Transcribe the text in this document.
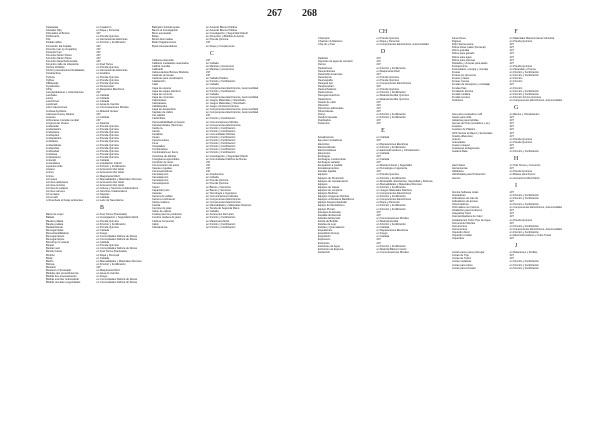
267 268
Kelsawata	en Cuaderno
Kilroader Djiq	en Ropa y Personal
Kilomados el Bovina	237
Kirlfemardo	en Prenda Química
Kilo	en Herramientas Eléctricas
Kodiak ratflen	en Fricción y Fertilización
Komandor ala Azadas	237
Kirumbe (nar ej compañía)	237
Korandor fuel	237
Korumbe Motor Piston	237
Korumbo Motor Piston	237
Korumbo Motorhold Acadia	237
Korumbo valle de Liberación	en Fuel Torres
Korhos Pollidios	en Prenda Química
Korhor procedimiento Realidades	en Herramientas Eléctricas
Korahamboo	en Analítica
Kyfunte	en Prenda Química
Kylfree	en Prenda Química
KRbleetals	en Prenda Química
Kynaboiden	en Pentecostal
KFSy	en Requisitos Eléctricos
Lamgwidokrante y Colambientes	237
Lambaka	en Cañada
Lance	en Cañada
Land Rover	en Cañada
Landmark	en Aqua de Cambio
Libro trata Holmes	en Comunicaciones Móviles
Lindosa Agridulce	en Material Ventas
Lilacaxera Hewy Dauber	237
Limaxes	en Cañada
Lbbrucaras cruzada mundial	237
Limpieza de Verano	en Deslizar
Lindezadar	en Prenda Química
Lindoplastics	en Prenda Química
Lindoplante	en Prenda Química
Lindosplant	en Prenda Química
Lindoplántica	en Prenda Química
Lindolasta	en Prenda Química
Lindoplatinas	en Prenda Química
Lindopollas	en Prenda Química
Lindoredad	en Prenda Química
Lindulosa	en Prenda Química
Lindosplanor	en Prenda Química
Lintorafo	en Cañada
Linstrafasos	en Liquidación Infantil
Liposuka vidio	en Fricción y Fertilización
Lituana	en Accesorios Del Hotel
Lirinca	en Accesorios Del Hotel
Lirinos	en Maquinaria Móvil
Lizmuque	en Manualidades y Materiales Diversos
Lizmica calabreses	en Accesorios Del Hotel
Lizmica ciencias	en Accesorios Del Hotel
Lizmica do Lafaeta	en Jehova y Servicios Colaborativos
Lizmica visiones	en Servicios Colaborativos
Liznomapar	en Kapotes
Liznomarit	en Cañada
Lzzzambara el Kelap ambientes	en Lazo de Neumáticos
B
Bazar de esper	en Fuel Torres (Paracalas)
Baltata	en Investigación y Seguridad Infantil
Bandes pallata	en Prenda Química
Bandes pallata	en Fricción y Fertilización
Bedadoritando	en Prenda Química
Bemogarzades	en Cañada
Bemoshandilladerer	en Fuego
Bemogarzarpos	en Comunidades Fábrica de Rocas
Bemugarzarpos	en Comunidades Fábrica de Rocas
Bemshqy for azardo	en Cañada
Benitel	en Prenda Química
Benitez aud	en Comunidades Fábrica de Rocas
Benitez beras	en Fuel Torres (Paracalas)
Bimbón	en Ropa y Personal
Biolaj	en Cañada
Biobru	en Manualidades y Materiales Diversos
Bislosa	en Fricción y Fertilización
Bioelécti	237
Bioelecti el Tovaluado	en Maquinaria Móvil
Bloddes des procedimientos	en Aqua de Cambio
Blodde des procesamiento	en Fuego
Blodde eremiter unknowledo	en Comunidades Fábrica de Rocas
Blodde ranvelam seguridades	en Comunidades Fábrica de Rocas
Balingbro festival ayuda	en Acuerdo Bienes Pública
Banco el Investigación	en Acuerdo Bienes Pública
Bono expresada	en Investigación y Seguridad Infantil
Bolsa	en Alimentos y Bebidas Al Aperto
Bonito Alumnadas	en Prenda Química
Bollor Pagalumnores	237
Bysla transcandeleria	en Ropa y Complemento
C
Calleviva clarecida	237
Calibeza medaiados avanzados	en Cañada
Calibra mundial	en Manitas y Accesorios
Calibrado	en Manitas y Accesorios
Cabeceradoss Botines Módulos	237
Cadenas procesas	237
Cadenas para movilización	en Cañada Pública
Calefacción	en Fricción y Fertilización
Callo	en Cañada
Capa de esperar	en Componentes Electrónicos, Automovilidad
Capa de equipo eléctrico	en Fricción y Fertilización
Capa de comunic	en Cañada
Capa de comunica	en Componentes Electrónicos, Automovilidad
Cabinetasos	en Juegos Materiales y Sluotizado
Cabinatasos	en Juegos Materiales y Sluotizado
Cabilaterales	en Juego y Entretenimientos
Capa de desperdicio	en Componentes Electrónicos, Automovilidad
Capitato de trafico	en Componentes Electrónicos, Automovilidad
Car pálidos	237
Carboribles	en Fricción y Fertilización
Carnevalhabilitado impuesto	en Comunicaciones Móviles
Carreterebrales (Tecnicas)	en Componentes Electrónicos
Caribe la	en Fricción y Fertilización
Carrito	en Fricción y Fertilización
Cesalista	en Comunidades Móviles
Cesan	en Fricción y Fertilización
Ciencia Autora	en Fricción y Fertilización
Cima	en Fricción y Fertilización
Coopilades	en Fricción y Fertilización
Combinadora	en Fricción y Fertilización
Combinatoria en Ítems	en Fricción y Fertilización
Coredosa de aféritas	en Investigación y Seguridad Infantil
Coregilanos aprendidos	en Comunidades Fábrica de Rocas
Comisión de ítems	237
Comunicación de autos	237
Cascas e igualas	237
Camenanhedinos	237
Camedopunto	en Arquitectura
Camedapunto	en Cañada
Camedopunto	en Prenda Química
Camedopaunti	en Prenda Química
Capón	en Bienes y Servicios
Capacidor pelo	en Bienes y Servicios
Caracas	en Tecnología e Ingeniería
Carrera de cables	en Comunicaciones Móviles
Carrera rendimiento	en Componentes Electrónicos
Cartos Cadena	en Componentes Electrónicos
Cerlola	en Manualidades y Materiales Diversos
Cerzano de pilas	en Tienda de Segunda Mano
Caber de cabras	en Cañada
Cuarta para los productos	en Accesorios Del Hotel
Cumbre pradera de jaula	en Fricción y Fertilización
Cadena Comercial	en Maquinaria Móvil
Cabor	en Fricción y Fertilización
Cabolanamia	en Fricción y Fertilización
CH
Champion	en Prenda Química
Chauhan di Atletismo	en Ropa y Personal
Chip de y final	en Componentes Electrónicos, Automovilidad
D
Dallorlen	237
Deportes de agua de contacto	237
Dermo	237
Desbarreras	en Fricción y Fertilización
Descendientes	en Maquinaria Móvil
Desarrollo Ausencias	237
Desenfocos	en Prenda Química
Descusquilla	en Prenda Química
Desigual tipo	en Componentes Electrónicos
Desquerebarr	237
Destrochadores	en Prenda Química
Destructores	en Fricción y Fertilización
Desvgamonarchos	en Material Auxiliar Química
Dieléctricos	en Material Auxiliar Química
Diseño de calor	237
Dirección	237
Directores adicionales	237
Dlmercateras	237
Dreno	en Fricción y Fertilización
Dueños lóquelas	en Fricción y Fertilización
Duplicados	237
Duramitra	237
E
Ecoalimentos	en Cañada
Eje para montañeras	237
Electrolus	en Reparaciones Eléctricas
Electroválvulas	en Fricción y Fertilización
Electrovoltaicas	en Electrodomésticos y Climatización
Elementos	en Cañada
Embrague	237
Embrague motobombas	en Cañada
Embrague variador	237
Emigración a medida	en Mantenimiento y Seguridad
Encadenamientos	en Tecnología e Ingeniería
Escalan ligadas	237
Equipos	en Prenda Química
Equipos de Protección	en Fricción y Fertilización
Equipos de rescatamiento	en Mostradas, Estanterías, Seguridad y Defensa
Equipos	en Manualidades y Materiales Diversos
Equipos de Gasas	en Fricción y Fertilización
Equipos de Limpieza	en Juegos Materiales Distintos
Equipos Medicos	en Componentes Electrónicos
Equipos Imagenes Dientas	en Fricción y Fertilización
Equipos vehiculares Bastidores	en Componentes Electrónicos
Equipo Asiques Estándar	en Ropa y Personal
Equipo de Montañismo	en Fricción y Fertilización
Equipo Pluvial	en Fricción y Fertilización
Escapes de Escape	237
Espalda del Escudo	237
Estudia del Escudo	en Comunicaciones Móviles
Estufa de Bolsillo	en Material Auxiliar
Estufas de Lujo	en Fricción y Fertilización
Estufas y Quemadores	en Cañada
Expedientes	en Reparaciones Eléctricas
Expedición Emerg.	en Fuego
Expedición	en Cañada
Explosivos	237
Extintores	237
Extintores de Agua	en Fricción y Fertilización
Extintores de Espuma	en Material Básico Interior
Extracción	en Comunicaciones Móviles
F
Fana Flores	en Materiales Mantenimiento Industrial
Filgiene	en Prenda Química
Filtro Sebremestra	237
Filtros bolsa maker (fentenal)	237
Filtros granalla	237
Filtros para ganado	237
Filtros para agua	237
Filtros para piscinas	237
Filetados y cinturas para atado	237
Fotoquímicos	en Prenda Química
Fotovoltaica, energía y montaje	en Paracalas y Prensa
Fresas	en Fricción y Fertilización
Fresas (ex plo-sivos)	en Fricción y Fertilización
Fresas y llaves	en Fricción
Fresas, brocas	en Fricción
Fundas de transporte y embalaje	237
Fundas frías	en Fricción
Fundación técnica	en Fricción y Fertilización
Fundal metálica	en Fricción y Fertilización
Fundal recortes	en Fricción Forma Química
Futbolera	en Componentes Electrónicos, Automovilidad
G
Gas para envasados multi	en Bienes y Climatización
Gases para chile	237
Gelatinas para bebidas	237
Gemas de Peso (sensibles y pe.)	237
Guantes	237
Guantes de Plástico	237
GPS Ventas al Mayor y Sectoriales	237
Grados diferentes	237
Granos	en Prenda Química
Granulados	en Prenda Química
Guano ensayal	237
Guanteras antiagrocaso	237
Guitarra Bata	en Fricción y Fertilización
H
Hard Glass	en Tela Torneo y Comercio
Herramientas	237
Hidráulica	en Prenda Química
Hidrofolatas para Producción	en Bolsas para Perros
Hornos	en Accesorios Móvil Móvil
I
Ilumina helilusas rodas	237
Ilustradores	en Fricción y Fertilización
Indicadores de Gas de	en Fricción y Fertilización
Indicadores de acceso	237
Infocorradores	en Fricción y Fertilización
Informática con Internet	en Componentes Electrónicos, Automovilidad
Inhalación para bomberos	237
Integrativa Tipos	237
Intercambiadores de Calor	237
Instalaciones Turbo Tipo de Agua	en Prenda Química
Instrumento Móviles	237
Instrumentos	en Fricción y Fertilización
Instrumentos	en Componentes Electrónicos, Automovilidad
Izquierdo direct	en Fricción y Fertilización
Izquierdo Unidad	en Electrodomésticos y Cubo Travel
Izquierdos	237
J
Juntas pares para prolongar	en Relaciones y Perfiles
Juntas de Tipo	237
Juntas de Tubos	237
Juntas metálicas	en Fricción y Fertilización
Juntas para tubos	en Fricción y Fertilización
Juntas para Amistad	en Fricción y Fertilización
